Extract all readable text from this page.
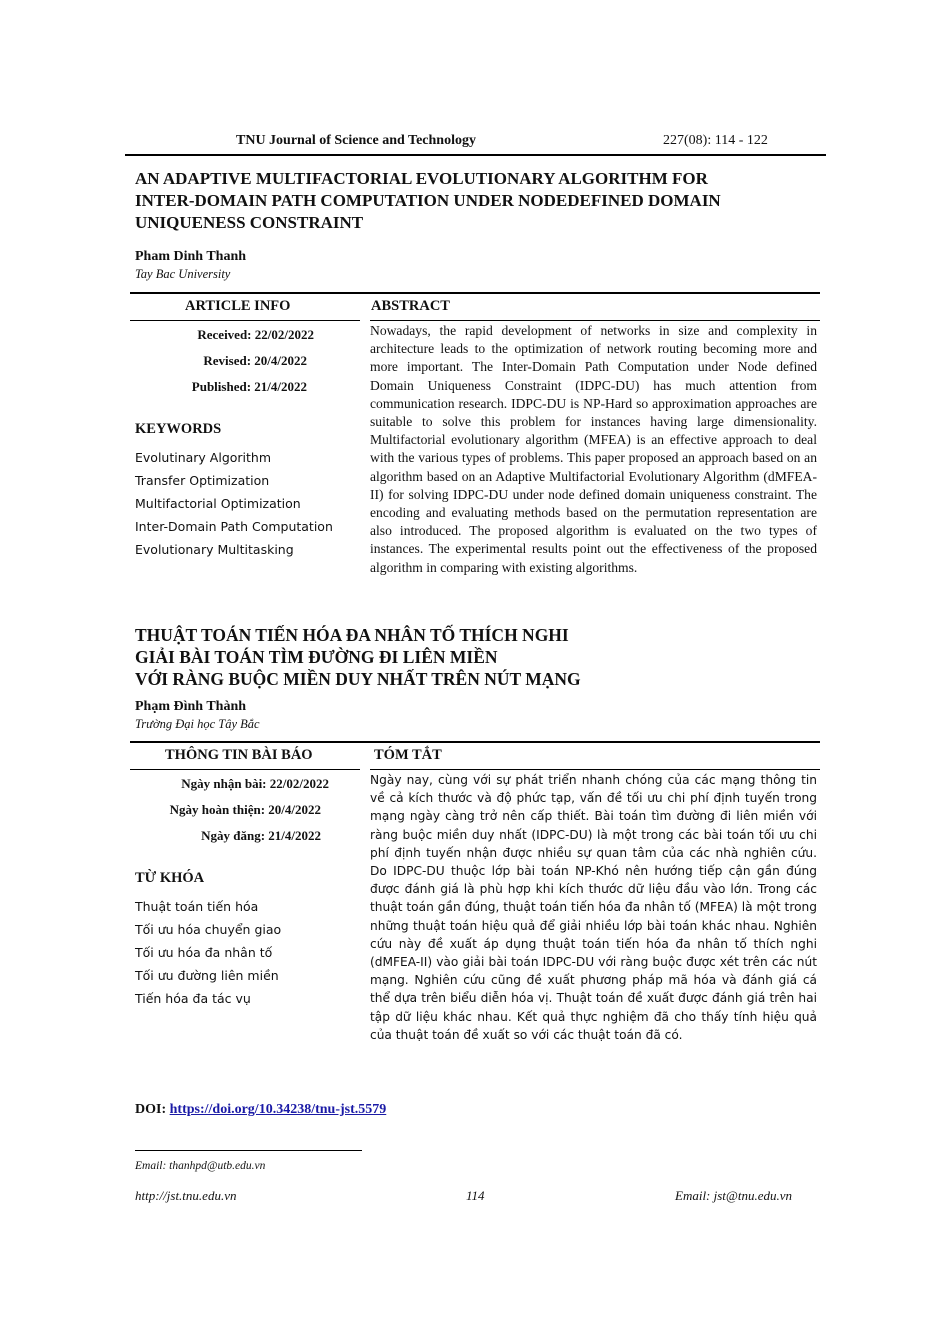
TNU Journal of Science and Technology	227(08): 114 - 122
AN ADAPTIVE MULTIFACTORIAL EVOLUTIONARY ALGORITHM FOR
INTER-DOMAIN PATH COMPUTATION UNDER NODEDEFINED DOMAIN
UNIQUENESS CONSTRAINT
Pham Dinh Thanh
Tay Bac University
ARTICLE INFO	ABSTRACT
Received: 22/02/2022
Revised: 20/4/2022
Published: 21/4/2022
KEYWORDS
Evolutinary Algorithm
Transfer Optimization
Multifactorial Optimization
Inter-Domain Path Computation
Evolutionary Multitasking
Nowadays, the rapid development of networks in size and complexity in architecture leads to the optimization of network routing becoming more and more important. The Inter-Domain Path Computation under Node defined Domain Uniqueness Constraint (IDPC-DU) has much attention from communication research. IDPC-DU is NP-Hard so approximation approaches are suitable to solve this problem for instances having large dimensionality. Multifactorial evolutionary algorithm (MFEA) is an effective approach to deal with the various types of problems. This paper proposed an approach based on an algorithm based on an Adaptive Multifactorial Evolutionary Algorithm (dMFEA-II) for solving IDPC-DU under node defined domain uniqueness constraint. The encoding and evaluating methods based on the permutation representation are also introduced. The proposed algorithm is evaluated on the two types of instances. The experimental results point out the effectiveness of the proposed algorithm in comparing with existing algorithms.
THUẬT TOÁN TIẾN HÓA ĐA NHÂN TỐ THÍCH NGHI
GIẢI BÀI TOÁN TÌM ĐƯỜNG ĐI LIÊN MIỀN
VỚI RÀNG BUỘC MIỀN DUY NHẤT TRÊN NÚT MẠNG
Phạm Đình Thành
Trường Đại học Tây Bắc
THÔNG TIN BÀI BÁO	TÓM TẮT
Ngày nhận bài: 22/02/2022
Ngày hoàn thiện: 20/4/2022
Ngày đăng: 21/4/2022
TỪ KHÓA
Thuật toán tiến hóa
Tối ưu hóa chuyển giao
Tối ưu hóa đa nhân tố
Tối ưu đường liên miền
Tiến hóa đa tác vụ
Ngày nay, cùng với sự phát triển nhanh chóng của các mạng thông tin về cả kích thước và độ phức tạp, vấn đề tối ưu chi phí định tuyến trong mạng ngày càng trở nên cấp thiết. Bài toán tìm đường đi liên miền với ràng buộc miền duy nhất (IDPC-DU) là một trong các bài toán tối ưu chi phí định tuyến nhận được nhiều sự quan tâm của các nhà nghiên cứu. Do IDPC-DU thuộc lớp bài toán NP-Khó nên hướng tiếp cận gần đúng được đánh giá là phù hợp khi kích thước dữ liệu đầu vào lớn. Trong các thuật toán gần đúng, thuật toán tiến hóa đa nhân tố (MFEA) là một trong những thuật toán hiệu quả để giải nhiều lớp bài toán khác nhau. Nghiên cứu này đề xuất áp dụng thuật toán tiến hóa đa nhân tố thích nghi (dMFEA-II) vào giải bài toán IDPC-DU với ràng buộc được xét trên các nút mạng. Nghiên cứu cũng đề xuất phương pháp mã hóa và đánh giá cá thể dựa trên biểu diễn hóa vị. Thuật toán đề xuất được đánh giá trên hai tập dữ liệu khác nhau. Kết quả thực nghiệm đã cho thấy tính hiệu quả của thuật toán đề xuất so với các thuật toán đã có.
DOI: https://doi.org/10.34238/tnu-jst.5579
Email: thanhpd@utb.edu.vn
http://jst.tnu.edu.vn	114	Email: jst@tnu.edu.vn
